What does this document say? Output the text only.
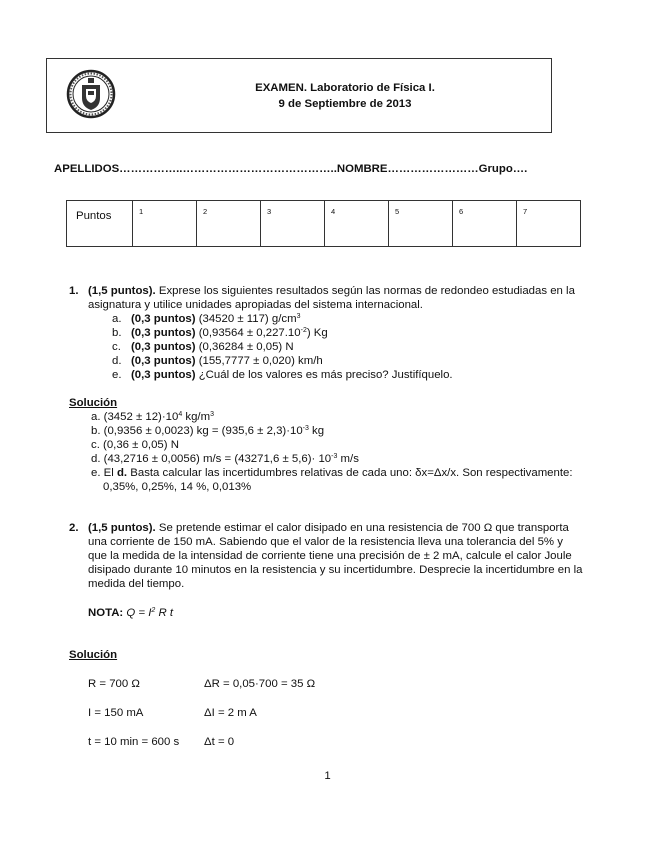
EXAMEN. Laboratorio de Física I.
9 de Septiembre de 2013
APELLIDOS……………..…………………………………..NOMBRE……………………Grupo….
Puntos	1	2	3	4	5	6	7
1. (1,5 puntos). Exprese los siguientes resultados según las normas de redondeo estudiadas en la
asignatura y utilice unidades apropiadas del sistema internacional.
a. (0,3 puntos) (34520 ± 117) $g/cm^3$
b. (0,3 puntos) $(0,93564 \pm 0,227.10^{-2})$ Kg
c. (0,3 puntos) (0,36284 ± 0,05) N
d. (0,3 puntos) (155,7777 ± 0,020) km/h
e. (0,3 puntos) ¿Cuál de los valores es más preciso? Justifíquelo.
Solución
a. $(3452 \pm 12)\cdot 10^4$ $kg/m^3$
b. (0,9356 ± 0,0023) kg = $(935,6 \pm 2,3)\cdot 10^{-3}$ kg
c. (0,36 ± 0,05) N
d. (43,2716 ± 0,0056) $m/s = (43271,6 \pm 5,6)\cdot 10^{-3}$ m/s
e. El d. Basta calcular las incertidumbres relativas de cada uno: δx=Δx/x. Son respectivamente:
0,35%, 0,25%, 14 %, 0,013%
2. (1,5 puntos). Se pretende estimar el calor disipado en una resistencia de 700 Ω que transporta
una corriente de 150 mA. Sabiendo que el valor de la resistencia lleva una tolerancia del 5% y
que la medida de la intensidad de corriente tiene una precisión de ± 2 mA, calcule el calor Joule
disipado durante 10 minutos en la resistencia y su incertidumbre. Desprecie la incertidumbre en la
medida del tiempo.
NOTA: $Q = I^2$ R t
Solución
R = 700 Ω	ΔR = 0,05·700 = 35 Ω
I = 150 mA	ΔI = 2 m A
t = 10 min = 600 s Δt = 0
1
